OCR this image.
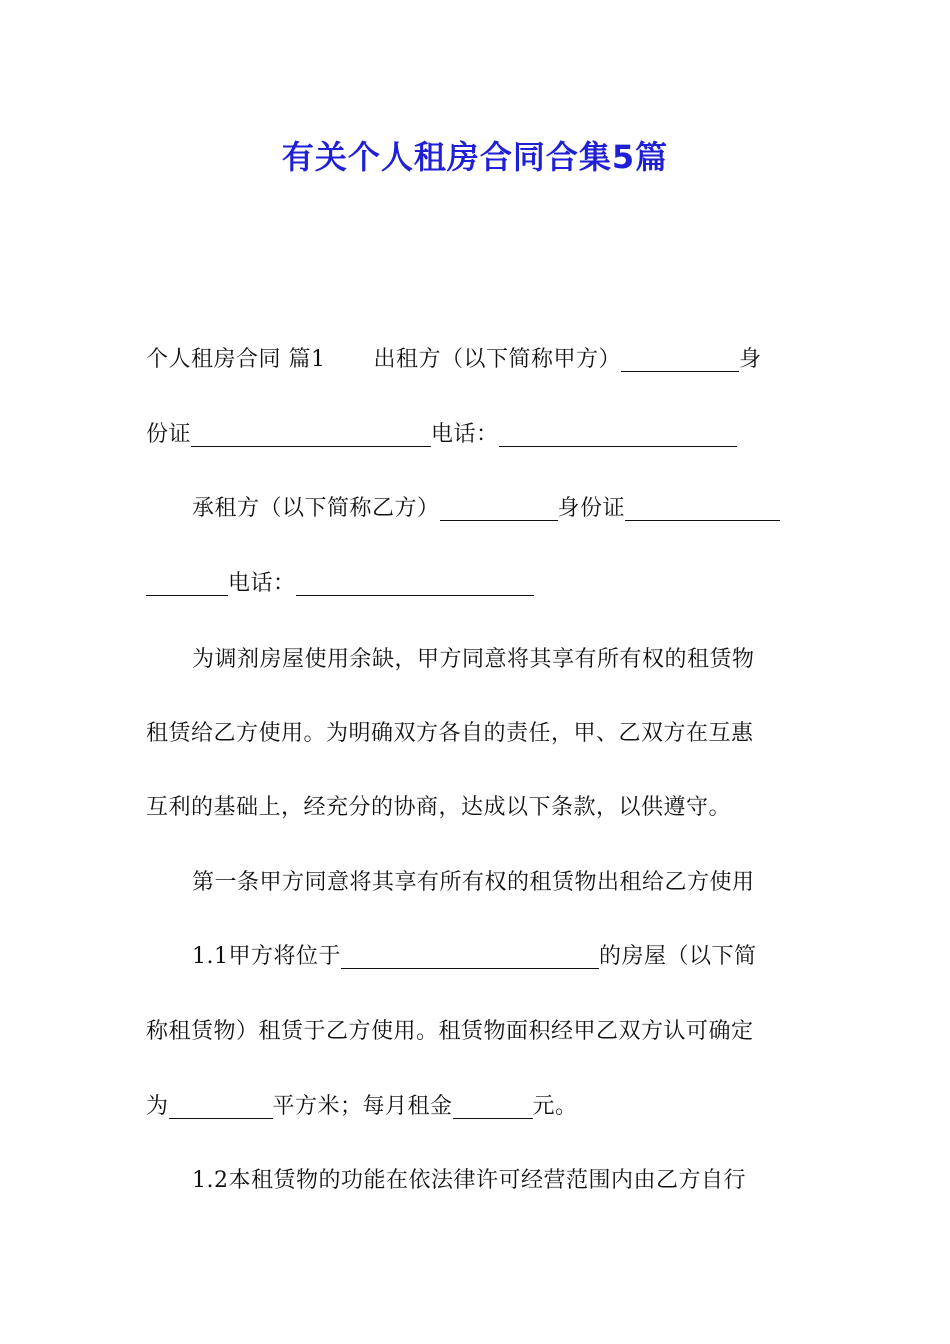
有关个人租房合同合集5篇
个人租房合同 篇1 出租方（以下简称甲方）	身
份证	电话：
承租方（以下简称乙方）	身份证
电话：
为调剂房屋使用余缺，甲方同意将其享有所有权的租赁物
租赁给乙方使用。为明确双方各自的责任，甲、乙双方在互惠
互利的基础上，经充分的协商，达成以下条款，以供遵守。
第一条甲方同意将其享有所有权的租赁物出租给乙方使用
1.1甲方将位于	的房屋（以下简
称租赁物）租赁于乙方使用。租赁物面积经甲乙双方认可确定
为	平方米；每月租金	元。
1.2本租赁物的功能在依法律许可经营范围内由乙方自行
